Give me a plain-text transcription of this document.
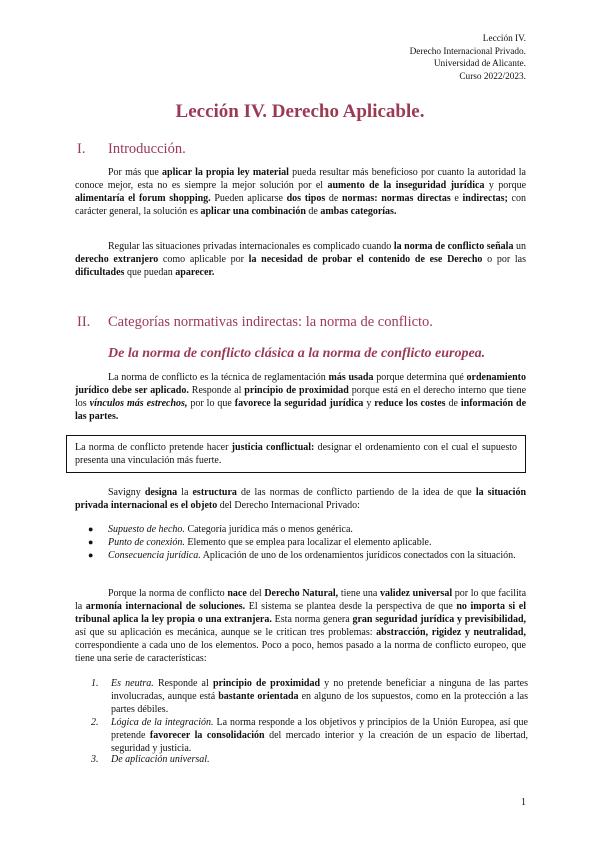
Lección IV.
Derecho Internacional Privado.
Universidad de Alicante.
Curso 2022/2023.
Lección IV. Derecho Aplicable.
I. Introducción.
Por más que aplicar la propia ley material pueda resultar más beneficioso por cuanto la autoridad la conoce mejor, esta no es siempre la mejor solución por el aumento de la inseguridad jurídica y porque alimentaría el forum shopping. Pueden aplicarse dos tipos de normas: normas directas e indirectas; con carácter general, la solución es aplicar una combinación de ambas categorías.
Regular las situaciones privadas internacionales es complicado cuando la norma de conflicto señala un derecho extranjero como aplicable por la necesidad de probar el contenido de ese Derecho o por las dificultades que puedan aparecer.
II. Categorías normativas indirectas: la norma de conflicto.
De la norma de conflicto clásica a la norma de conflicto europea.
La norma de conflicto es la técnica de reglamentación más usada porque determina qué ordenamiento jurídico debe ser aplicado. Responde al principio de proximidad porque está en el derecho interno que tiene los vínculos más estrechos, por lo que favorece la seguridad jurídica y reduce los costes de información de las partes.
La norma de conflicto pretende hacer justicia conflictual: designar el ordenamiento con el cual el supuesto presenta una vinculación más fuerte.
Savigny designa la estructura de las normas de conflicto partiendo de la idea de que la situación privada internacional es el objeto del Derecho Internacional Privado:
● Supuesto de hecho. Categoría jurídica más o menos genérica.
● Punto de conexión. Elemento que se emplea para localizar el elemento aplicable.
● Consecuencia jurídica. Aplicación de uno de los ordenamientos jurídicos conectados con la situación.
Porque la norma de conflicto nace del Derecho Natural, tiene una validez universal por lo que facilita la armonía internacional de soluciones. El sistema se plantea desde la perspectiva de que no importa si el tribunal aplica la ley propia o una extranjera. Esta norma genera gran seguridad jurídica y previsibilidad, así que su aplicación es mecánica, aunque se le critican tres problemas: abstracción, rigidez y neutralidad, correspondiente a cada uno de los elementos. Poco a poco, hemos pasado a la norma de conflicto europeo, que tiene una serie de características:
1. Es neutra. Responde al principio de proximidad y no pretende beneficiar a ninguna de las partes involucradas, aunque está bastante orientada en alguno de los supuestos, como en la protección a las partes débiles.
2. Lógica de la integración. La norma responde a los objetivos y principios de la Unión Europea, así que pretende favorecer la consolidación del mercado interior y la creación de un espacio de libertad, seguridad y justicia.
3. De aplicación universal.
1
